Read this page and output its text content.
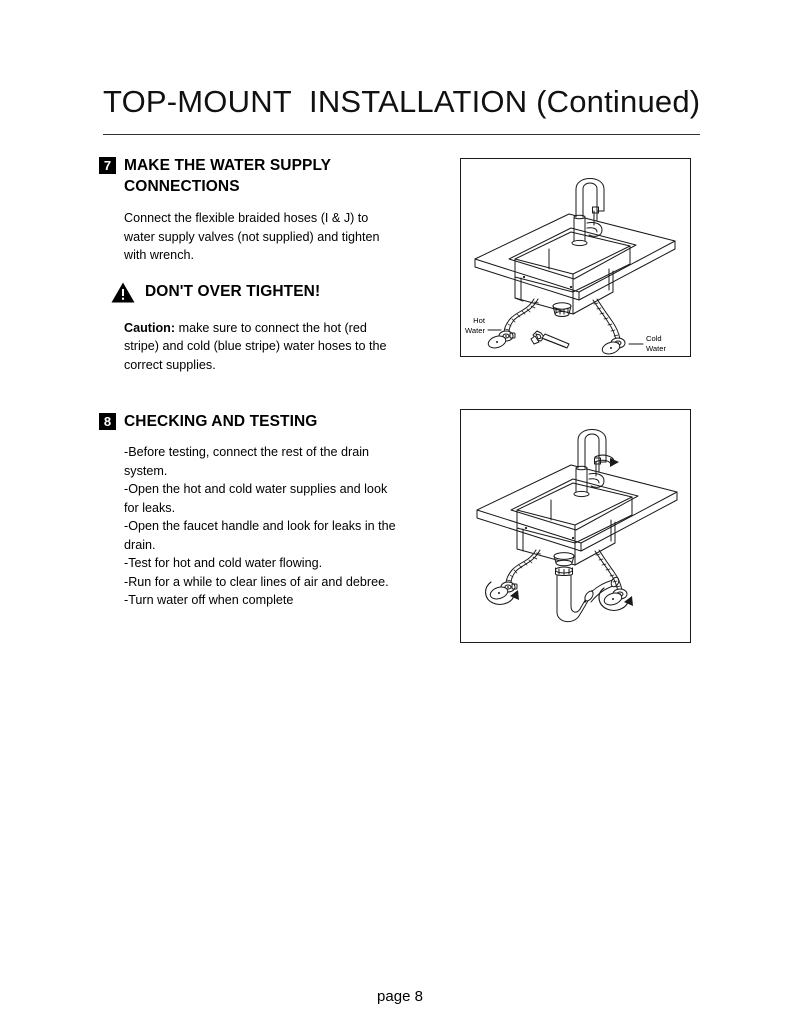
TOP-MOUNT  INSTALLATION (Continued)
7 MAKE THE WATER SUPPLY CONNECTIONS

Connect the flexible braided hoses (I & J) to water supply valves (not supplied) and tighten with wrench.

DON'T OVER TIGHTEN!
Caution: make sure to connect the hot (red stripe) and cold (blue stripe) water hoses to the correct supplies.
Hot
Water
Cold
Water
8 CHECKING AND TESTING

-Before testing, connect the rest of the drain system.

-Open the hot and cold water supplies and look for leaks.

-Open the faucet handle and look for leaks in the drain.

-Test for hot and cold water flowing.

-Run for a while to clear lines of air and debree.

-Turn water off when complete

page 8
